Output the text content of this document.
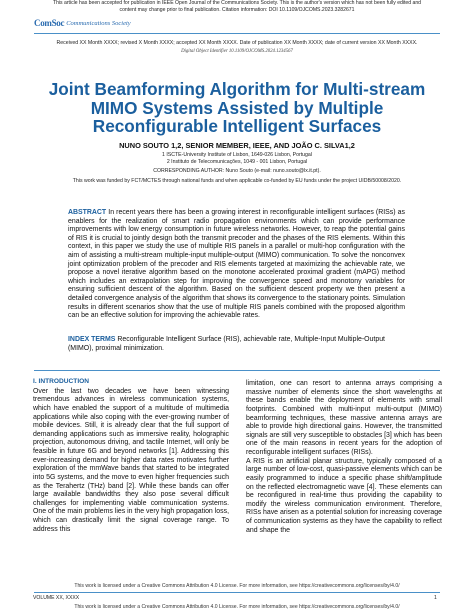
This article has been accepted for publication in IEEE Open Journal of the Communications Society. This is the author's version which has not been fully edited and
content may change prior to final publication. Citation information: DOI 10.1109/OJCOMS.2023.3282671
ComSoc Communications Society
Received XX Month XXXX; revised X Month XXXX; accepted XX Month XXXX. Date of publication XX Month XXXX; date of current version XX Month XXXX.
Digital Object Identifier 10.1109/OJCOMS.2024.1234567
Joint Beamforming Algorithm for Multi-stream MIMO Systems Assisted by Multiple Reconfigurable Intelligent Surfaces
NUNO SOUTO 1,2, SENIOR MEMBER, IEEE, AND JOÃO C. SILVA1,2
1 ISCTE-University Institute of Lisbon, 1649-026 Lisbon, Portugal
2 Instituto de Telecomunicações, 1049 - 001 Lisbon, Portugal
CORRESPONDING AUTHOR: Nuno Souto (e-mail: nuno.souto@lx.it.pt).
This work was funded by FCT/MCTES through national funds and when applicable co-funded by EU funds under the project UIDB/50008/2020.
ABSTRACT In recent years there has been a growing interest in reconfigurable intelligent surfaces (RISs) as enablers for the realization of smart radio propagation environments which can provide performance improvements with low energy consumption in future wireless networks. However, to reap the potential gains of RIS it is crucial to jointly design both the transmit precoder and the phases of the RIS elements. Within this context, in this paper we study the use of multiple RIS panels in a parallel or multi-hop configuration with the aim of assisting a multi-stream multiple-input multiple-output (MIMO) communication. To solve the nonconvex joint optimization problem of the precoder and RIS elements targeted at maximizing the achievable rate, we propose a novel iterative algorithm based on the monotone accelerated proximal gradient (mAPG) method which includes an extrapolation step for improving the convergence speed and monotony variables for ensuring sufficient descent of the algorithm. Based on the sufficient descent property we then present a detailed convergence analysis of the algorithm that shows its convergence to the stationary points. Simulation results in different scenarios show that the use of multiple RIS panels combined with the proposed algorithm can be an effective solution for improving the achievable rates.
INDEX TERMS Reconfigurable Intelligent Surface (RIS), achievable rate, Multiple-Input Multiple-Output (MIMO), proximal minimization.
I. INTRODUCTION

Over the last two decades we have been witnessing tremendous advances in wireless communication systems, which have enabled the support of a multitude of multimedia applications while also coping with the ever-growing number of mobile devices. Still, it is already clear that the full support of demanding applications such as immersive reality, holographic projection, autonomous driving, and tactile Internet, will only be feasible in future 6G and beyond networks [1]. Addressing this ever-increasing demand for higher data rates motivates further exploration of the mmWave bands that started to be integrated into 5G systems, and the move to even higher frequencies such as the Terahertz (THz) band [2]. While these bands can offer large available bandwidths they also pose several difficult challenges for implementing viable communication systems. One of the main problems lies in the very high propagation loss, which can drastically limit the signal coverage range. To address this

limitation, one can resort to antenna arrays comprising a massive number of elements since the short wavelengths at these bands enable the deployment of elements with small footprints. Combined with multi-input multi-output (MIMO) beamforming techniques, these massive antenna arrays are able to provide high directional gains. However, the transmitted signals are still very susceptible to obstacles [3] which has been one of the main reasons in recent years for the adoption of reconfigurable intelligent surfaces (RISs).

A RIS is an artificial planar structure, typically composed of a large number of low-cost, quasi-passive elements which can be easily programmed to induce a specific phase shift/amplitude on the reflected electromagnetic wave [4]. These elements can be reconfigured in real-time thus providing the capability to modify the wireless communication environment. Therefore, RISs have arisen as a potential solution for increasing coverage of communication systems as they have the capability to reflect and shape the

This work is licensed under a Creative Commons Attribution 4.0 License. For more information, see https://creativecommons.org/licenses/by/4.0/
VOLUME XX, XXXX	1
This work is licensed under a Creative Commons Attribution 4.0 License. For more information, see https://creativecommons.org/licenses/by/4.0/
